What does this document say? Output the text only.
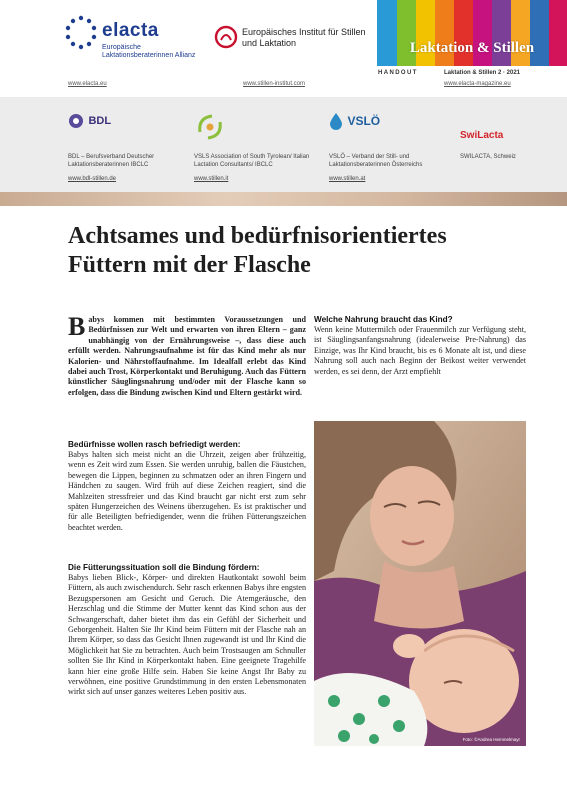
elacta
Europäische Laktationsberaterinnen Allianz
Europäisches Institut für Stillen und Laktation	Laktation & Stillen
HANDOUT	Laktation & Stillen 2 · 2021
www.elacta.eu	www.stillen-institut.com	www.elacta-magazine.eu
BDL	VSLÖ
SwiLacta
BDL – Berufsverband Deutscher Laktationsberaterinnen IBCLC
VSLS Association of South Tyrolean/ Italian Lactation Consultants/ IBCLC
VSLÖ – Verband der Still- und Laktationsberaterinnen Österreichs
SWILACTA, Schweiz
www.bdl-stillen.de	www.stillen.it	www.stillen.at
Achtsames und bedürfnisorientiertes
Füttern mit der Flasche
Babys kommen mit bestimmten Voraussetzungen und Bedürfnissen zur Welt und erwarten von ihren Eltern – ganz unabhängig von der Ernährungsweise –, dass diese auch erfüllt werden. Nahrungsaufnahme ist für das Kind mehr als nur Kalorien- und Nährstoffaufnahme. Im Idealfall erlebt das Kind dabei auch Trost, Körperkontakt und Beruhigung. Auch das Füttern künstlicher Säuglingsnahrung und/oder mit der Flasche kann so erfolgen, dass die Bindung zwischen Kind und Eltern gestärkt wird.
Bedürfnisse wollen rasch befriedigt werden:
Babys halten sich meist nicht an die Uhrzeit, zeigen aber frühzeitig, wenn es Zeit wird zum Essen. Sie werden unruhig, ballen die Fäustchen, bewegen die Lippen, beginnen zu schmatzen oder an ihren Fingern und Händchen zu saugen. Wird früh auf diese Zeichen reagiert, sind die Mahlzeiten stressfreier und das Kind braucht gar nicht erst zum sehr späten Hungerzeichen des Weinens überzugehen. Es ist praktischer und für alle Beteiligten befriedigender, wenn die frühen Fütterungszeichen beachtet werden.
Die Fütterungssituation soll die Bindung fördern:
Babys lieben Blick-, Körper- und direkten Hautkontakt sowohl beim Füttern, als auch zwischendurch. Sehr rasch erkennen Babys ihre engsten Bezugspersonen am Gesicht und Geruch. Die Atemgeräusche, den Herzschlag und die Stimme der Mutter kennt das Kind schon aus der Schwangerschaft, daher bietet ihm das ein Gefühl der Sicherheit und Geborgenheit. Halten Sie Ihr Kind beim Füttern mit der Flasche nah an Ihrem Körper, so dass das Gesicht Ihnen zugewandt ist und Ihr Kind die Möglichkeit hat Sie zu betrachten. Auch beim Trostsaugen am Schnuller sollten Sie Ihr Kind in Körperkontakt haben. Eine geeignete Tragehilfe kann hier eine große Hilfe sein. Haben Sie keine Angst Ihr Baby zu verwöhnen, eine positive Grundstimmung in den ersten Lebensmonaten wirkt sich auf unser ganzes weiteres Leben positiv aus.
Welche Nahrung braucht das Kind?
Wenn keine Muttermilch oder Frauenmilch zur Verfügung steht, ist Säuglingsanfangsnahrung (idealerweise Pre-Nahrung) das Einzige, was Ihr Kind braucht, bis es 6 Monate alt ist, und diese Nahrung soll auch nach Beginn der Beikost weiter verwendet werden, es sei denn, der Arzt empfiehlt
Foto: ©Andrea Hemmelmayr
